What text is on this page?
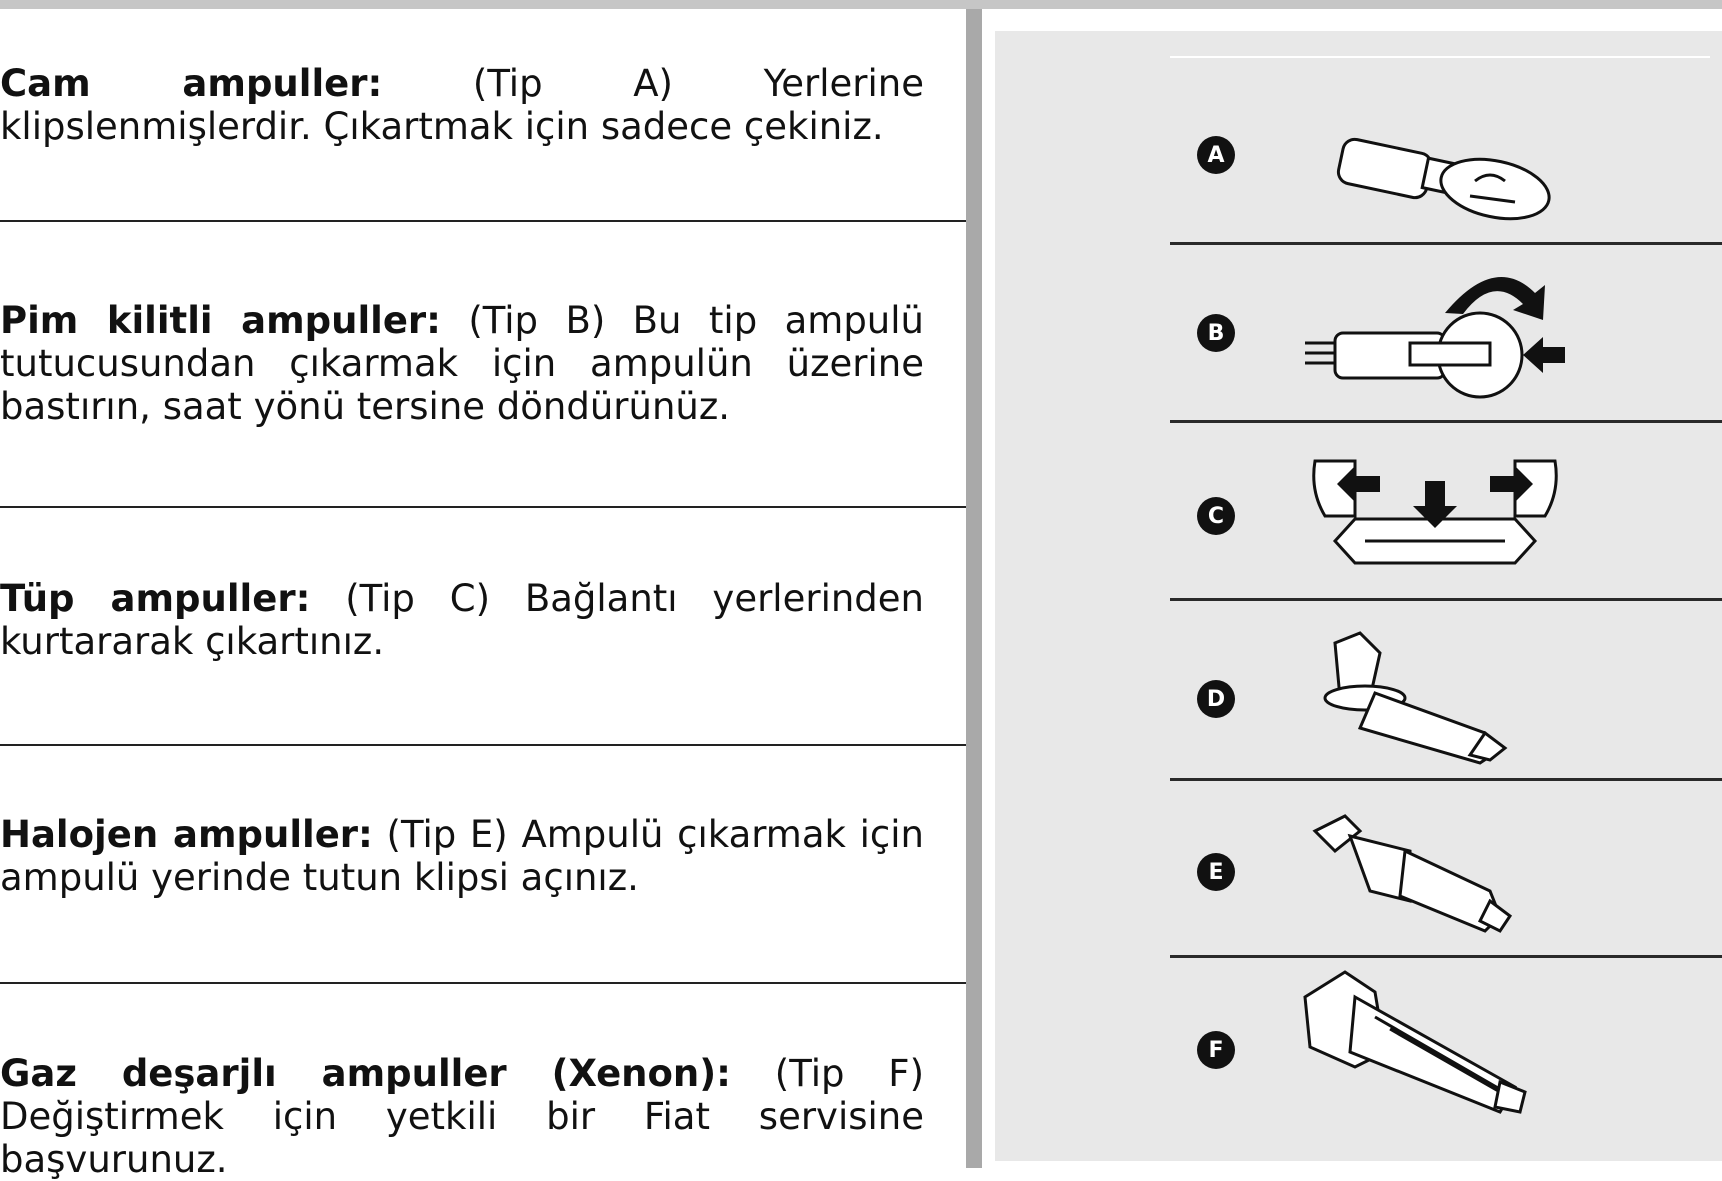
Cam ampuller: (Tip A) Yerlerine klipslenmişlerdir. Çıkartmak için sadece çekiniz.
Pim kilitli ampuller: (Tip B) Bu tip ampulü tutucusundan çıkarmak için ampulün üzerine bastırın, saat yönü tersine döndürünüz.
Tüp ampuller: (Tip C) Bağlantı yerlerinden kurtararak çıkartınız.
Halojen ampuller: (Tip E) Ampulü çıkarmak için ampulü yerinde tutun klipsi açınız.
Gaz deşarjlı ampuller (Xenon): (Tip F) Değiştirmek için yetkili bir Fiat servisine başvurunuz.
A
B
C
D
E
F
